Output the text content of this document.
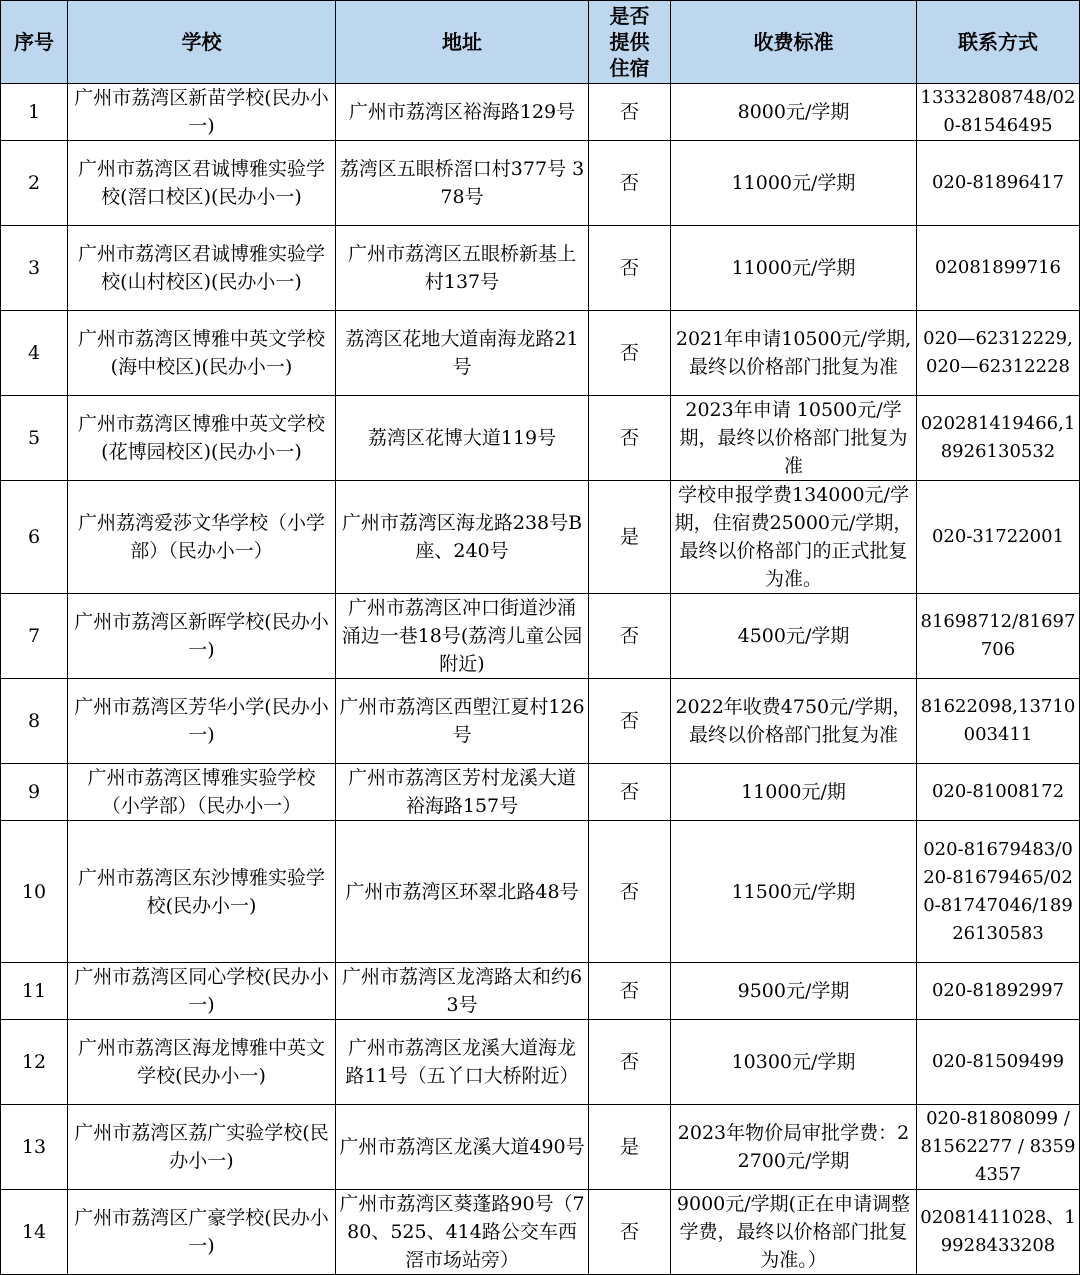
序号	学校	地址	是否提供住宿	收费标准	联系方式
1	广州市荔湾区新苗学校(民办小一)	广州市荔湾区裕海路129号	否	8000元/学期	13332808748/020-81546495
2	广州市荔湾区君诚博雅实验学校(滘口校区)(民办小一)	荔湾区五眼桥滘口村377号 378号	否	11000元/学期	020-81896417
3	广州市荔湾区君诚博雅实验学校(山村校区)(民办小一)	广州市荔湾区五眼桥新基上村137号	否	11000元/学期	02081899716
4	广州市荔湾区博雅中英文学校(海中校区)(民办小一)	荔湾区花地大道南海龙路21号	否	2021年申请10500元/学期,最终以价格部门批复为准	020—62312229,020—62312228
5	广州市荔湾区博雅中英文学校(花博园校区)(民办小一)	荔湾区花博大道119号	否	2023年申请 10500元/学期，最终以价格部门批复为准	020281419466,18926130532
6	广州荔湾爱莎文华学校（小学部）（民办小一）	广州市荔湾区海龙路238号B座、240号	是	学校申报学费134000元/学期，住宿费25000元/学期，最终以价格部门的正式批复为准。	020-31722001
7	广州市荔湾区新晖学校(民办小一)	广州市荔湾区冲口街道沙涌涌边一巷18号(荔湾儿童公园附近)	否	4500元/学期	81698712/81697706
8	广州市荔湾区芳华小学(民办小一)	广州市荔湾区西塱江夏村126号	否	2022年收费4750元/学期，最终以价格部门批复为准	81622098,13710003411
9	广州市荔湾区博雅实验学校（小学部）（民办小一）	广州市荔湾区芳村龙溪大道裕海路157号	否	11000元/期	020-81008172
10	广州市荔湾区东沙博雅实验学校(民办小一)	广州市荔湾区环翠北路48号	否	11500元/学期	020-81679483/020-81679465/020-81747046/18926130583
11	广州市荔湾区同心学校(民办小一)	广州市荔湾区龙湾路太和约63号	否	9500元/学期	020-81892997
12	广州市荔湾区海龙博雅中英文学校(民办小一)	广州市荔湾区龙溪大道海龙路11号（五丫口大桥附近）	否	10300元/学期	020-81509499
13	广州市荔湾区荔广实验学校(民办小一)	广州市荔湾区龙溪大道490号	是	2023年物价局审批学费：22700元/学期	020-81808099 / 81562277 / 83594357
14	广州市荔湾区广豪学校(民办小一)	广州市荔湾区葵蓬路90号（780、525、414路公交车西滘市场站旁）	否	9000元/学期(正在申请调整学费，最终以价格部门批复为准。）	02081411028、19928433208
